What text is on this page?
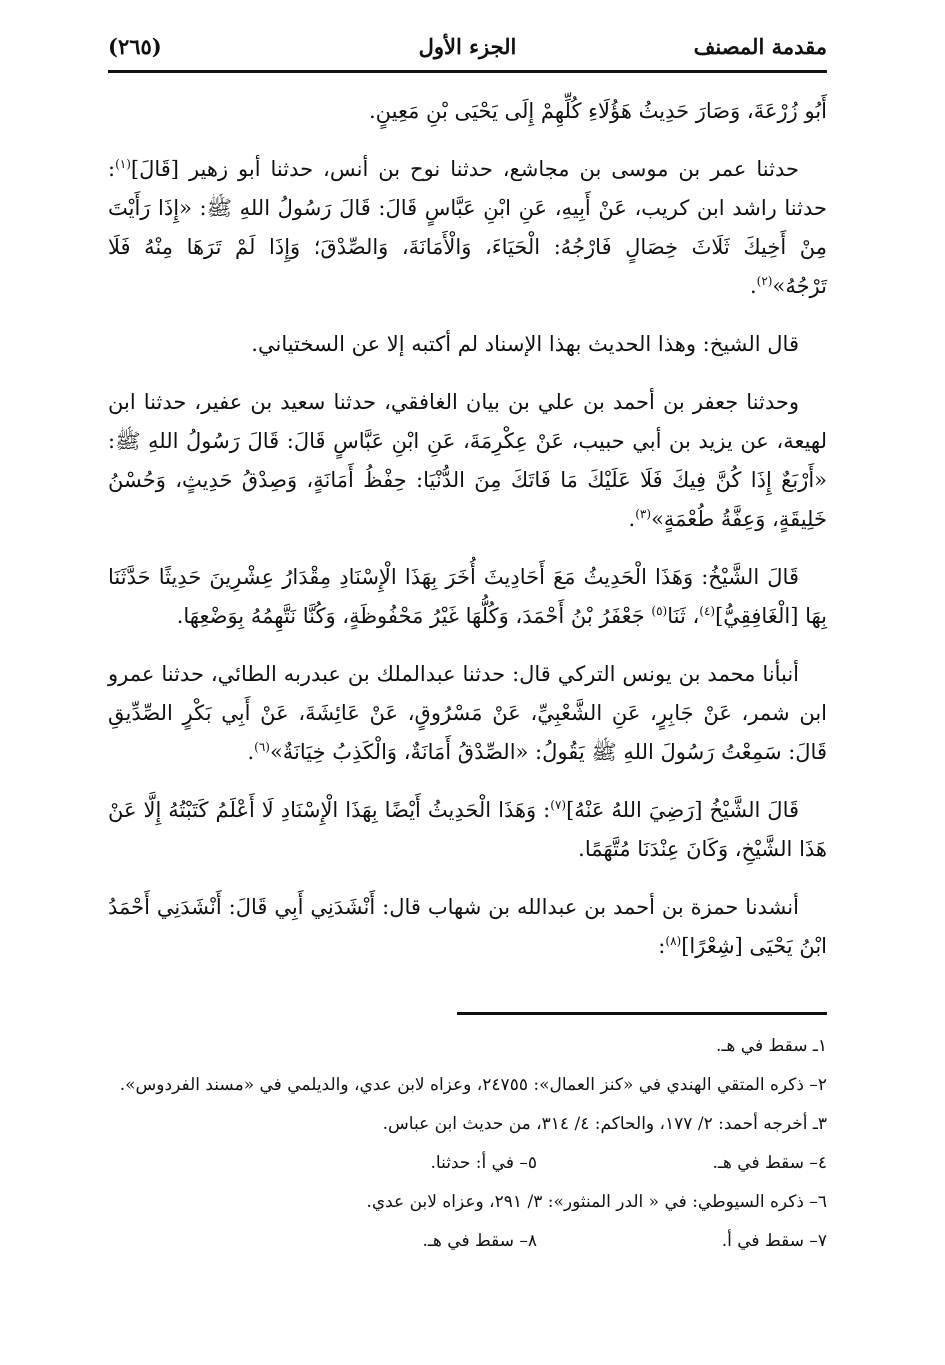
مقدمة المصنف
الجزء الأول
(٢٦٥)

أَبُو زُرْعَةَ، وَصَارَ حَدِيثُ هَؤُلَاءِ كُلِّهِمْ إِلَى يَحْيَى بْنِ مَعِينٍ.

حدثنا عمر بن موسى بن مجاشع، حدثنا نوح بن أنس، حدثنا أبو زهير [قَالَ]$^{(١)}$: حدثنا راشد ابن كريب، عَنْ أَبِيهِ، عَنِ ابْنِ عَبَّاسٍ قَالَ: قَالَ رَسُولُ اللهِ ﷺ: «إِذَا رَأَيْتَ مِنْ أَخِيكَ ثَلَاثَ خِصَالٍ فَارْجُهُ: الْحَيَاءَ، وَالْأَمَانَةَ، وَالصِّدْقَ؛ وَإِذَا لَمْ تَرَهَا مِنْهُ فَلَا تَرْجُهُ»$^{(٢)}$.

قال الشيخ: وهذا الحديث بهذا الإسناد لم أكتبه إلا عن السختياني.

وحدثنا جعفر بن أحمد بن علي بن بيان الغافقي، حدثنا سعيد بن عفير، حدثنا ابن لهيعة، عن يزيد بن أبي حبيب، عَنْ عِكْرِمَةَ، عَنِ ابْنِ عَبَّاسٍ قَالَ: قَالَ رَسُولُ اللهِ ﷺ: «أَرْبَعٌ إِذَا كُنَّ فِيكَ فَلَا عَلَيْكَ مَا فَاتَكَ مِنَ الدُّنْيَا: حِفْظُ أَمَانَةٍ، وَصِدْقُ حَدِيثٍ، وَحُسْنُ خَلِيقَةٍ، وَعِفَّةُ طُعْمَةٍ»$^{(٣)}$.

قَالَ الشَّيْخُ: وَهَذَا الْحَدِيثُ مَعَ أَحَادِيثَ أُخَرَ بِهَذَا الْإِسْنَادِ مِقْدَارُ عِشْرِينَ حَدِيثًا حَدَّثَنَا بِهَا [الْغَافِقِيُّ]$^{(٤)}$، ثَنَا$^{(٥)}$ جَعْفَرُ بْنُ أَحْمَدَ، وَكُلُّهَا غَيْرُ مَحْفُوظَةٍ، وَكُنَّا نَتَّهِمُهُ بِوَضْعِهَا.

أنبأنا محمد بن يونس التركي قال: حدثنا عبدالملك بن عبدربه الطائي، حدثنا عمرو ابن شمر، عَنْ جَابِرٍ، عَنِ الشَّعْبِيِّ، عَنْ مَسْرُوقٍ، عَنْ عَائِشَةَ، عَنْ أَبِي بَكْرٍ الصِّدِّيقِ قَالَ: سَمِعْتُ رَسُولَ اللهِ ﷺ يَقُولُ: «الصِّدْقُ أَمَانَةٌ، وَالْكَذِبُ خِيَانَةٌ»$^{(٦)}$.

قَالَ الشَّيْخُ [رَضِيَ اللهُ عَنْهُ]$^{(٧)}$: وَهَذَا الْحَدِيثُ أَيْضًا بِهَذَا الْإِسْنَادِ لَا أَعْلَمُ كَتَبْتُهُ إِلَّا عَنْ هَذَا الشَّيْخِ، وَكَانَ عِنْدَنَا مُتَّهَمًا.

أنشدنا حمزة بن أحمد بن عبدالله بن شهاب قال: أَنْشَدَنِي أَبِي قَالَ: أَنْشَدَنِي أَحْمَدُ ابْنُ يَحْيَى [شِعْرًا]$^{(٨)}$:

١ـ سقط في هـ.
٢– ذكره المتقي الهندي في «كنز العمال»: ٢٤٧٥٥، وعزاه لابن عدي، والديلمي في «مسند الفردوس».
٣ـ أخرجه أحمد: ٢/ ١٧٧، والحاكم: ٤/ ٣١٤، من حديث ابن عباس.
٤– سقط في هـ.
٥– في أ: حدثنا.
٦– ذكره السيوطي: في « الدر المنثور»: ٣/ ٢٩١، وعزاه لابن عدي.
٧– سقط في أ.
٨– سقط في هـ.
